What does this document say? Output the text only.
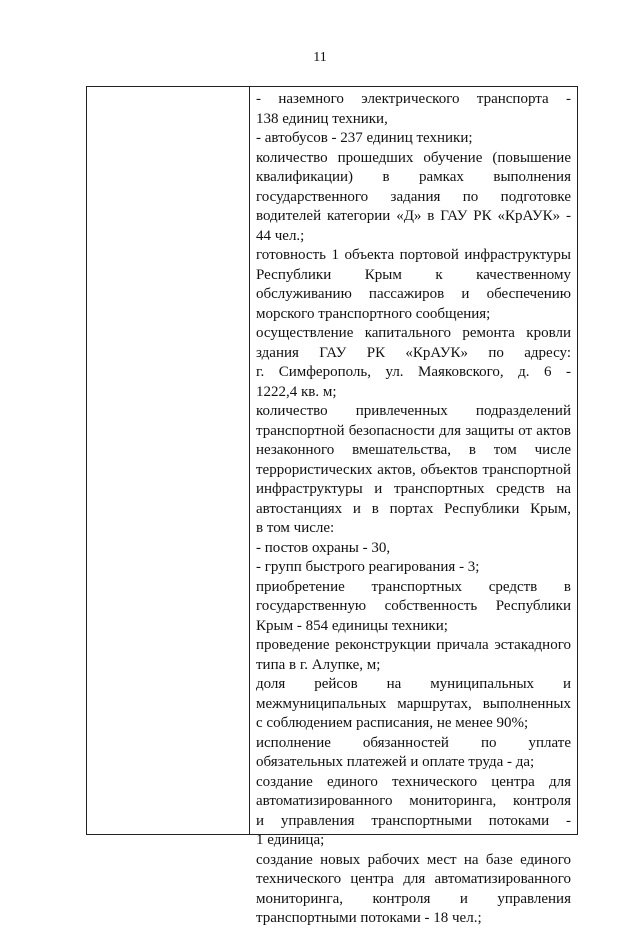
11
- наземного электрического транспорта -
138 единиц техники,
- автобусов - 237 единиц техники;
количество прошедших обучение (повышение
квалификации) в рамках выполнения
государственного задания по подготовке
водителей категории «Д» в ГАУ РК «КрАУК» -
44 чел.;
готовность 1 объекта портовой инфраструктуры
Республики Крым к качественному
обслуживанию пассажиров и обеспечению
морского транспортного сообщения;
осуществление капитального ремонта кровли
здания ГАУ РК «КрАУК» по адресу:
г. Симферополь, ул. Маяковского, д. 6 -
1222,4 кв. м;
количество привлеченных подразделений
транспортной безопасности для защиты от актов
незаконного вмешательства, в том числе
террористических актов, объектов транспортной
инфраструктуры и транспортных средств на
автостанциях и в портах Республики Крым,
в том числе:
- постов охраны - 30,
- групп быстрого реагирования - 3;
приобретение транспортных средств в
государственную собственность Республики
Крым - 854 единицы техники;
проведение реконструкции причала эстакадного
типа в г. Алупке, м;
доля рейсов на муниципальных и
межмуниципальных маршрутах, выполненных
с соблюдением расписания, не менее 90%;
исполнение обязанностей по уплате
обязательных платежей и оплате труда - да;
создание единого технического центра для
автоматизированного мониторинга, контроля
и управления транспортными потоками -
1 единица;
создание новых рабочих мест на базе единого
технического центра для автоматизированного
мониторинга, контроля и управления
транспортными потоками - 18 чел.;
